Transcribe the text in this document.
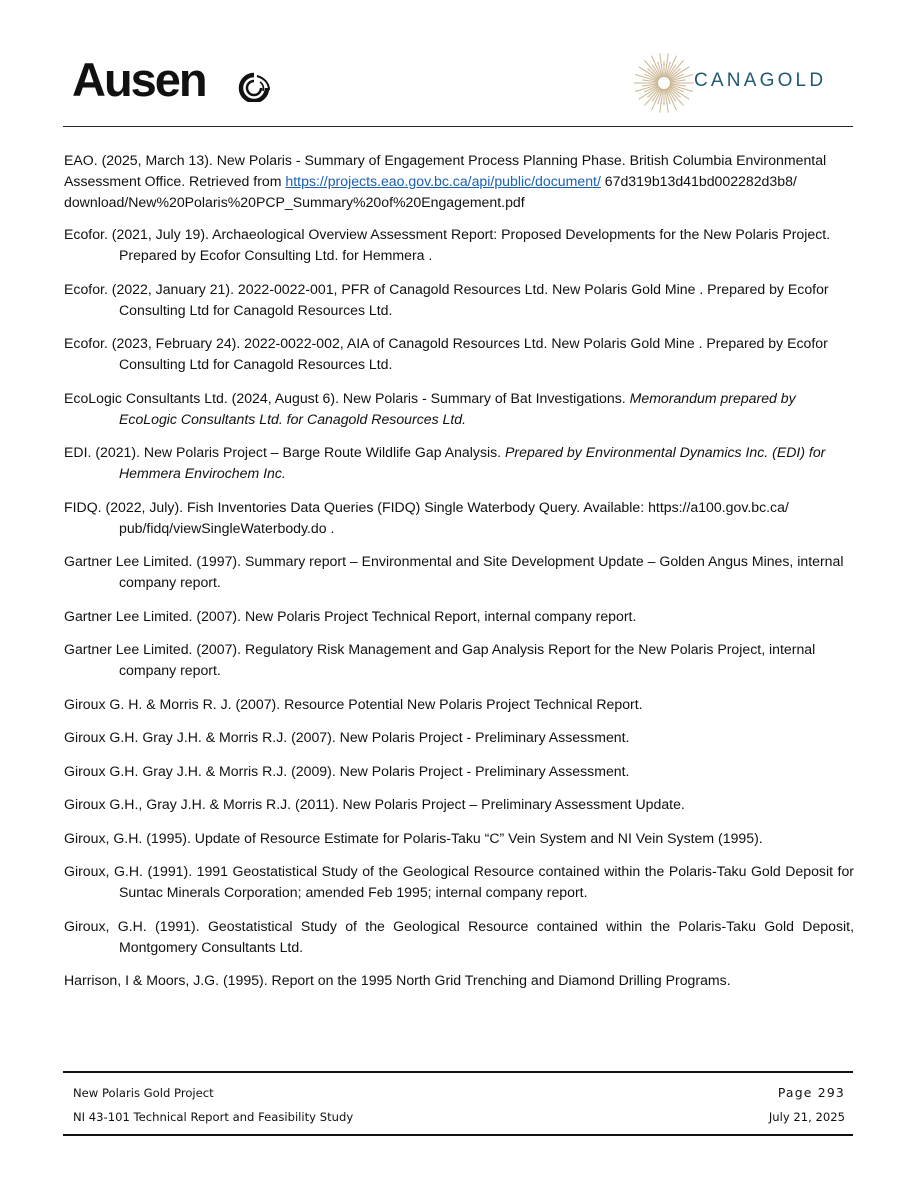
Ausen	CANAGOLD

EAO. (2025, March 13). New Polaris - Summary of Engagement Process Planning Phase. British Columbia Environmental Assessment Office. Retrieved from https://projects.eao.gov.bc.ca/api/public/document/ 67d319b13d41bd002282d3b8/ download/New%20Polaris%20PCP_Summary%20of%20Engagement.pdf

Ecofor. (2021, July 19). Archaeological Overview Assessment Report: Proposed Developments for the New Polaris Project. Prepared by Ecofor Consulting Ltd. for Hemmera .

Ecofor. (2022, January 21). 2022-0022-001, PFR of Canagold Resources Ltd. New Polaris Gold Mine . Prepared by Ecofor Consulting Ltd for Canagold Resources Ltd.

Ecofor. (2023, February 24). 2022-0022-002, AIA of Canagold Resources Ltd. New Polaris Gold Mine . Prepared by Ecofor Consulting Ltd for Canagold Resources Ltd.

EcoLogic Consultants Ltd. (2024, August 6). New Polaris - Summary of Bat Investigations. Memorandum prepared by EcoLogic Consultants Ltd. for Canagold Resources Ltd.

EDI. (2021). New Polaris Project – Barge Route Wildlife Gap Analysis. Prepared by Environmental Dynamics Inc. (EDI) for Hemmera Envirochem Inc.

FIDQ. (2022, July). Fish Inventories Data Queries (FIDQ) Single Waterbody Query. Available: https://a100.gov.bc.ca/ pub/fidq/viewSingleWaterbody.do .

Gartner Lee Limited. (1997). Summary report – Environmental and Site Development Update – Golden Angus Mines, internal company report.

Gartner Lee Limited. (2007). New Polaris Project Technical Report, internal company report.

Gartner Lee Limited. (2007). Regulatory Risk Management and Gap Analysis Report for the New Polaris Project, internal company report.

Giroux G. H. & Morris R. J. (2007). Resource Potential New Polaris Project Technical Report.

Giroux G.H. Gray J.H. & Morris R.J. (2007). New Polaris Project - Preliminary Assessment.

Giroux G.H. Gray J.H. & Morris R.J. (2009). New Polaris Project - Preliminary Assessment.

Giroux G.H., Gray J.H. & Morris R.J. (2011). New Polaris Project – Preliminary Assessment Update.

Giroux, G.H. (1995). Update of Resource Estimate for Polaris-Taku “C” Vein System and NI Vein System (1995).

Giroux, G.H. (1991). 1991 Geostatistical Study of the Geological Resource contained within the Polaris-Taku Gold Deposit for Suntac Minerals Corporation; amended Feb 1995; internal company report.

Giroux, G.H. (1991). Geostatistical Study of the Geological Resource contained within the Polaris-Taku Gold Deposit, Montgomery Consultants Ltd.

Harrison, I & Moors, J.G. (1995). Report on the 1995 North Grid Trenching and Diamond Drilling Programs.

New Polaris Gold Project
NI 43-101 Technical Report and Feasibility Study
Page 293
July 21, 2025
